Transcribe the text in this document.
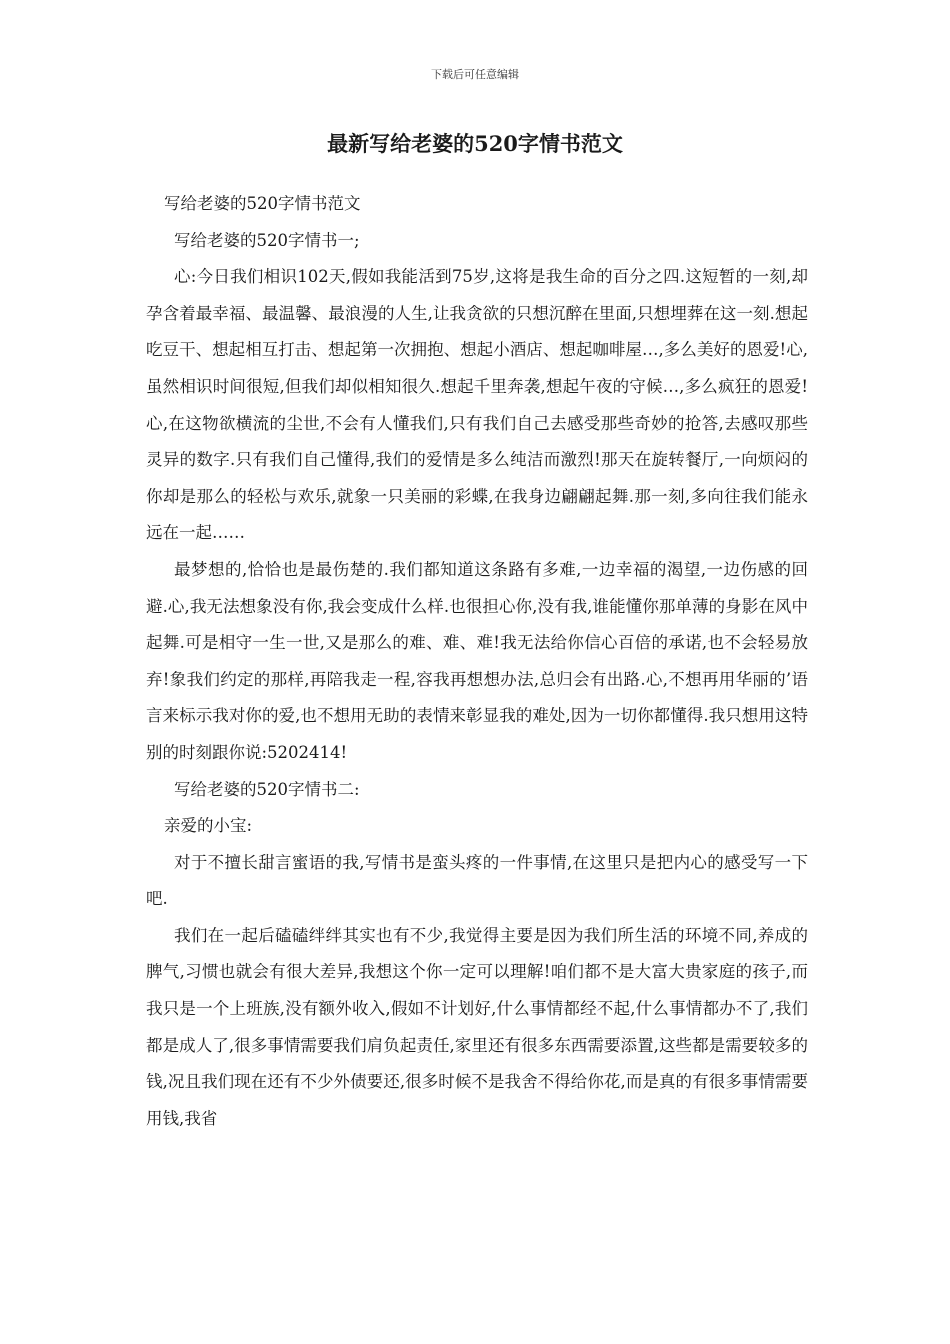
下载后可任意编辑
最新写给老婆的520字情书范文

写给老婆的520字情书范文

写给老婆的520字情书一;

心:今日我们相识102天,假如我能活到75岁,这将是我生命的百分之四.这短暂的一刻,却孕含着最幸福、最温馨、最浪漫的人生,让我贪欲的只想沉醉在里面,只想埋葬在这一刻.想起吃豆干、想起相互打击、想起第一次拥抱、想起小酒店、想起咖啡屋…,多么美好的恩爱!心,虽然相识时间很短,但我们却似相知很久.想起千里奔袭,想起午夜的守候…,多么疯狂的恩爱!心,在这物欲横流的尘世,不会有人懂我们,只有我们自己去感受那些奇妙的抢答,去感叹那些灵异的数字.只有我们自己懂得,我们的爱情是多么纯洁而激烈!那天在旋转餐厅,一向烦闷的你却是那么的轻松与欢乐,就象一只美丽的彩蝶,在我身边翩翩起舞.那一刻,多向往我们能永远在一起……

最梦想的,恰恰也是最伤楚的.我们都知道这条路有多难,一边幸福的渴望,一边伤感的回避.心,我无法想象没有你,我会变成什么样.也很担心你,没有我,谁能懂你那单薄的身影在风中起舞.可是相守一生一世,又是那么的难、难、难!我无法给你信心百倍的承诺,也不会轻易放弃!象我们约定的那样,再陪我走一程,容我再想想办法,总归会有出路.心,不想再用华丽的’语言来标示我对你的爱,也不想用无助的表情来彰显我的难处,因为一切你都懂得.我只想用这特别的时刻跟你说:5202414!

写给老婆的520字情书二:

亲爱的小宝:

对于不擅长甜言蜜语的我,写情书是蛮头疼的一件事情,在这里只是把内心的感受写一下吧.

我们在一起后磕磕绊绊其实也有不少,我觉得主要是因为我们所生活的环境不同,养成的脾气,习惯也就会有很大差异,我想这个你一定可以理解!咱们都不是大富大贵家庭的孩子,而我只是一个上班族,没有额外收入,假如不计划好,什么事情都经不起,什么事情都办不了,我们都是成人了,很多事情需要我们肩负起责任,家里还有很多东西需要添置,这些都是需要较多的钱,况且我们现在还有不少外债要还,很多时候不是我舍不得给你花,而是真的有很多事情需要用钱,我省
